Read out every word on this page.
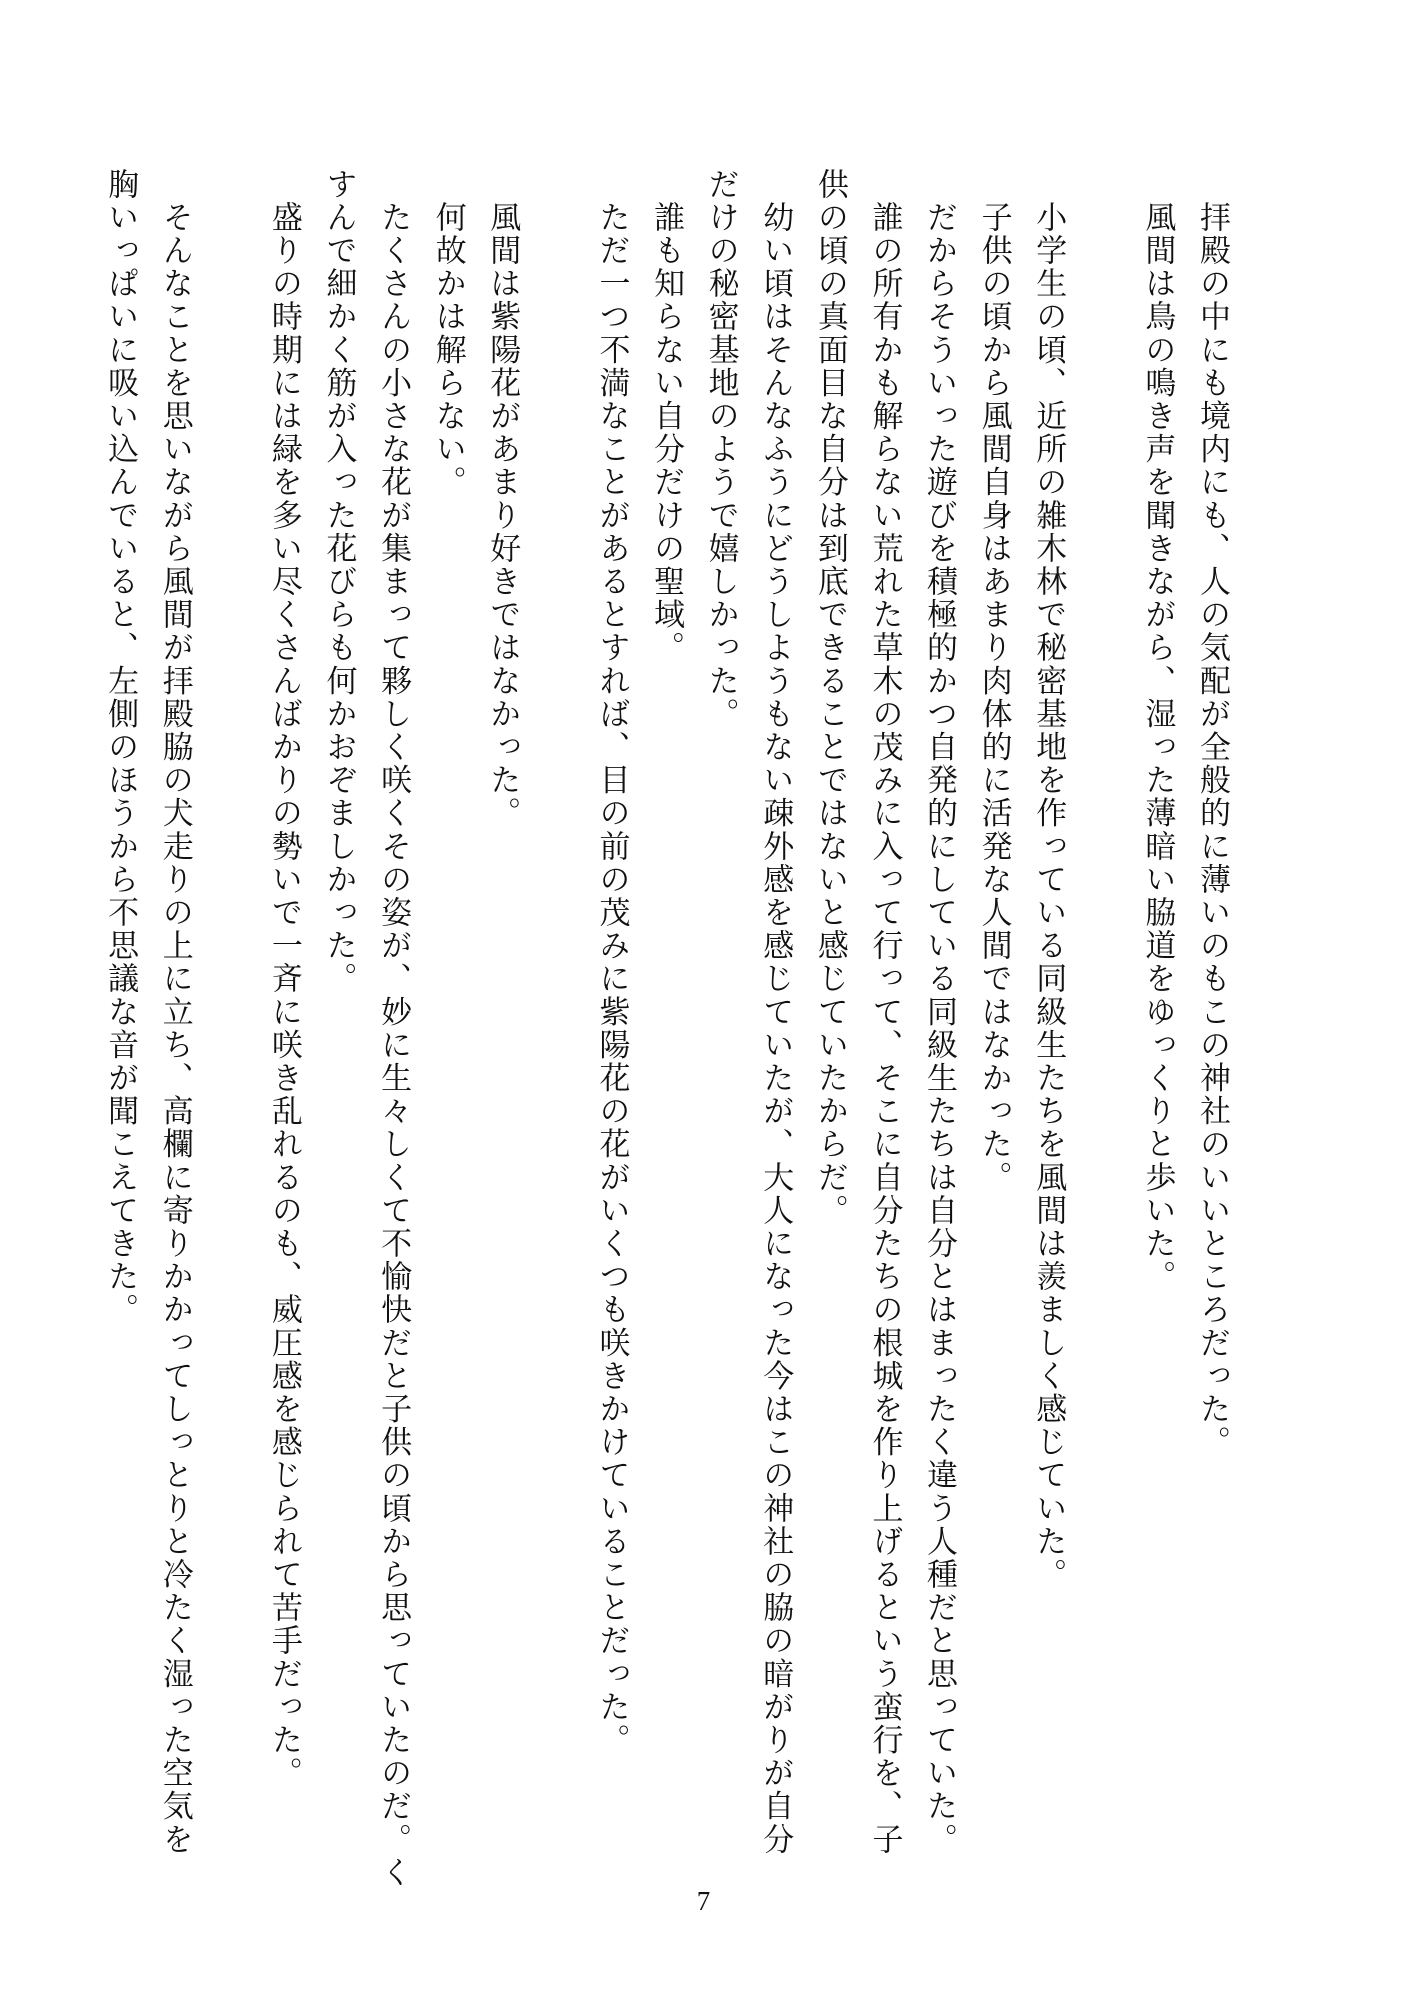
　拝殿の中にも境内にも、人の気配が全般的に薄いのもこの神社のいいところだった。
　風間は鳥の鳴き声を聞きながら、湿った薄暗い脇道をゆっくりと歩いた。
　小学生の頃、近所の雑木林で秘密基地を作っている同級生たちを風間は羨ましく感じていた。
　子供の頃から風間自身はあまり肉体的に活発な人間ではなかった。
　だからそういった遊びを積極的かつ自発的にしている同級生たちは自分とはまったく違う人種だと思っていた。
　誰の所有かも解らない荒れた草木の茂みに入って行って、そこに自分たちの根城を作り上げるという蛮行を、子
供の頃の真面目な自分は到底できることではないと感じていたからだ。
　幼い頃はそんなふうにどうしようもない疎外感を感じていたが、大人になった今はこの神社の脇の暗がりが自分
だけの秘密基地のようで嬉しかった。
　誰も知らない自分だけの聖域。
　ただ一つ不満なことがあるとすれば、目の前の茂みに紫陽花の花がいくつも咲きかけていることだった。
　風間は紫陽花があまり好きではなかった。
　何故かは解らない。
　たくさんの小さな花が集まって夥しく咲くその姿が、妙に生々しくて不愉快だと子供の頃から思っていたのだ。く
すんで細かく筋が入った花びらも何かおぞましかった。
　盛りの時期には緑を多い尽くさんばかりの勢いで一斉に咲き乱れるのも、威圧感を感じられて苦手だった。
　そんなことを思いながら風間が拝殿脇の犬走りの上に立ち、高欄に寄りかかってしっとりと冷たく湿った空気を
胸いっぱいに吸い込んでいると、左側のほうから不思議な音が聞こえてきた。
7
